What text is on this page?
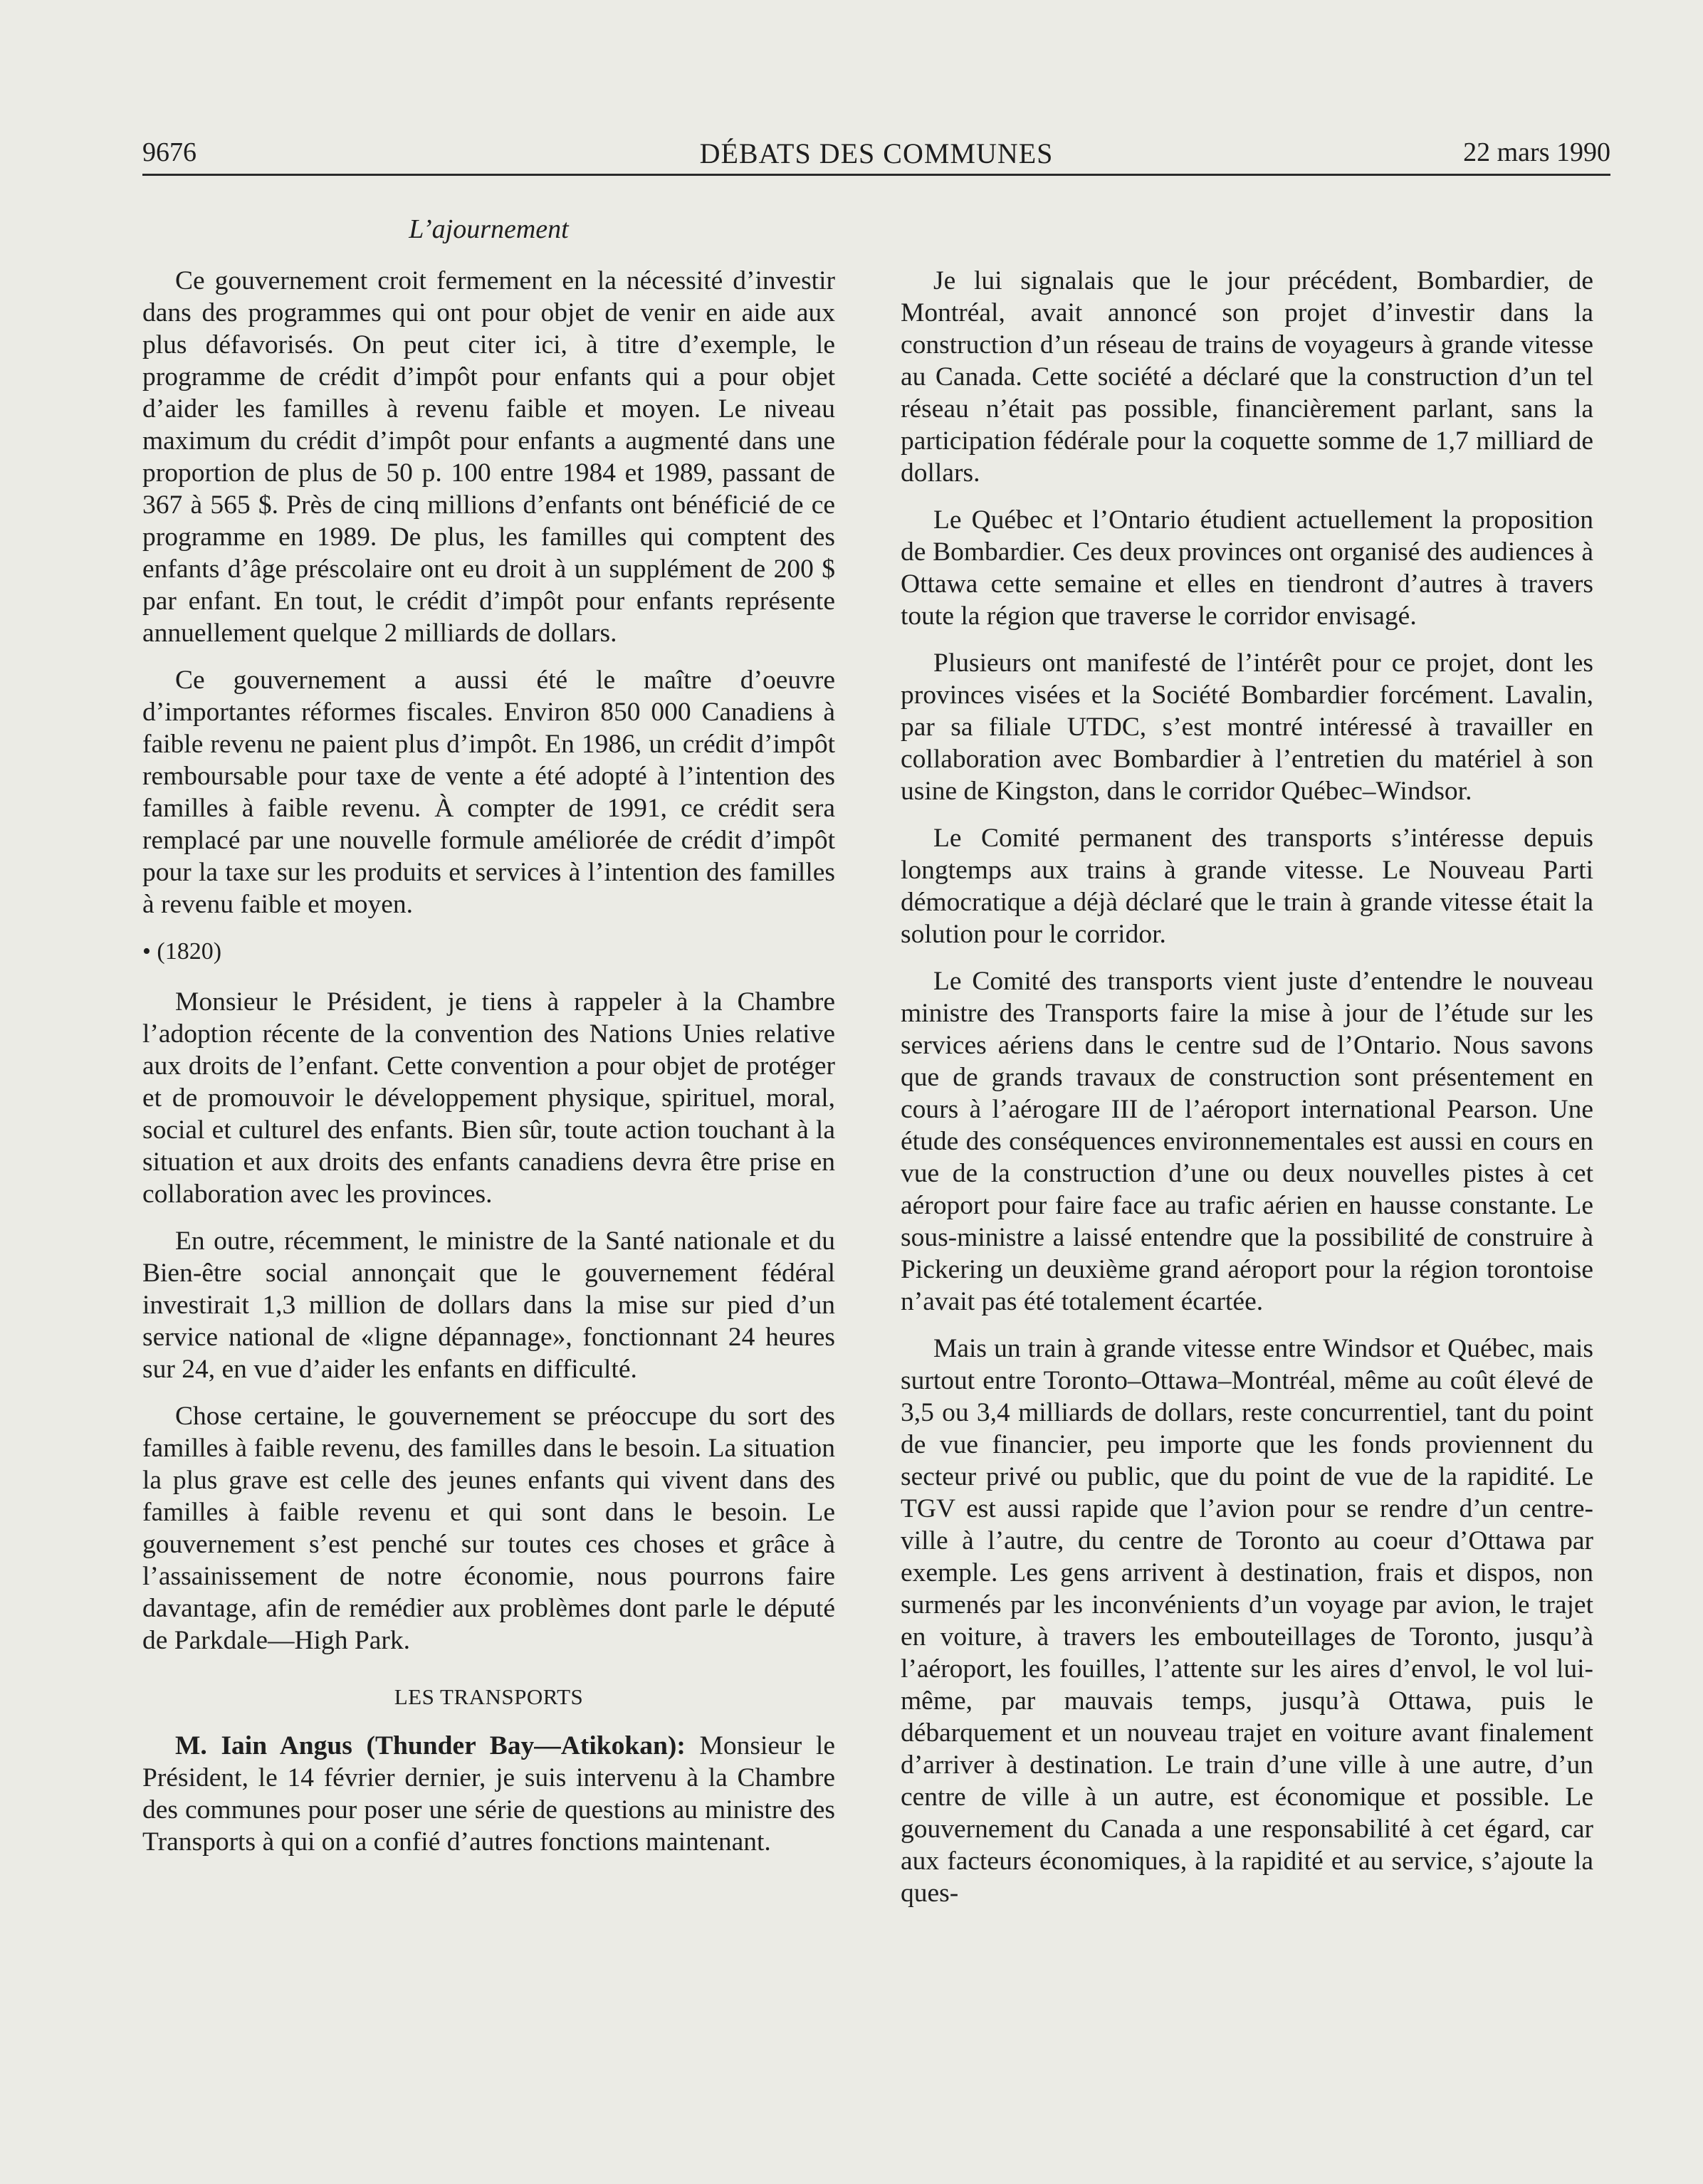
9676	DÉBATS DES COMMUNES	22 mars 1990
L’ajournement

Ce gouvernement croit fermement en la nécessité d’investir dans des programmes qui ont pour objet de venir en aide aux plus défavorisés. On peut citer ici, à titre d’exemple, le programme de crédit d’impôt pour enfants qui a pour objet d’aider les familles à revenu faible et moyen. Le niveau maximum du crédit d’impôt pour enfants a augmenté dans une proportion de plus de 50 p. 100 entre 1984 et 1989, passant de 367 à 565 $. Près de cinq millions d’enfants ont bénéficié de ce programme en 1989. De plus, les familles qui comptent des enfants d’âge préscolaire ont eu droit à un supplément de 200 $ par enfant. En tout, le crédit d’impôt pour enfants représente annuellement quelque 2 milliards de dollars.

Ce gouvernement a aussi été le maître d’oeuvre d’importantes réformes fiscales. Environ 850 000 Canadiens à faible revenu ne paient plus d’impôt. En 1986, un crédit d’impôt remboursable pour taxe de vente a été adopté à l’intention des familles à faible revenu. À compter de 1991, ce crédit sera remplacé par une nouvelle formule améliorée de crédit d’impôt pour la taxe sur les produits et services à l’intention des familles à revenu faible et moyen.

• (1820)

Monsieur le Président, je tiens à rappeler à la Chambre l’adoption récente de la convention des Nations Unies relative aux droits de l’enfant. Cette convention a pour objet de protéger et de promouvoir le développement physique, spirituel, moral, social et culturel des enfants. Bien sûr, toute action touchant à la situation et aux droits des enfants canadiens devra être prise en collaboration avec les provinces.

En outre, récemment, le ministre de la Santé nationale et du Bien-être social annonçait que le gouvernement fédéral investirait 1,3 million de dollars dans la mise sur pied d’un service national de «ligne dépannage», fonctionnant 24 heures sur 24, en vue d’aider les enfants en difficulté.

Chose certaine, le gouvernement se préoccupe du sort des familles à faible revenu, des familles dans le besoin. La situation la plus grave est celle des jeunes enfants qui vivent dans des familles à faible revenu et qui sont dans le besoin. Le gouvernement s’est penché sur toutes ces choses et grâce à l’assainissement de notre économie, nous pourrons faire davantage, afin de remédier aux problèmes dont parle le député de Parkdale—High Park.

LES TRANSPORTS

M. Iain Angus (Thunder Bay—Atikokan): Monsieur le Président, le 14 février dernier, je suis intervenu à la Chambre des communes pour poser une série de questions au ministre des Transports à qui on a confié d’autres fonctions maintenant.

Je lui signalais que le jour précédent, Bombardier, de Montréal, avait annoncé son projet d’investir dans la construction d’un réseau de trains de voyageurs à grande vitesse au Canada. Cette société a déclaré que la construction d’un tel réseau n’était pas possible, financièrement parlant, sans la participation fédérale pour la coquette somme de 1,7 milliard de dollars.

Le Québec et l’Ontario étudient actuellement la proposition de Bombardier. Ces deux provinces ont organisé des audiences à Ottawa cette semaine et elles en tiendront d’autres à travers toute la région que traverse le corridor envisagé.

Plusieurs ont manifesté de l’intérêt pour ce projet, dont les provinces visées et la Société Bombardier forcément. Lavalin, par sa filiale UTDC, s’est montré intéressé à travailler en collaboration avec Bombardier à l’entretien du matériel à son usine de Kingston, dans le corridor Québec–Windsor.

Le Comité permanent des transports s’intéresse depuis longtemps aux trains à grande vitesse. Le Nouveau Parti démocratique a déjà déclaré que le train à grande vitesse était la solution pour le corridor.

Le Comité des transports vient juste d’entendre le nouveau ministre des Transports faire la mise à jour de l’étude sur les services aériens dans le centre sud de l’Ontario. Nous savons que de grands travaux de construction sont présentement en cours à l’aérogare III de l’aéroport international Pearson. Une étude des conséquences environnementales est aussi en cours en vue de la construction d’une ou deux nouvelles pistes à cet aéroport pour faire face au trafic aérien en hausse constante. Le sous-ministre a laissé entendre que la possibilité de construire à Pickering un deuxième grand aéroport pour la région torontoise n’avait pas été totalement écartée.

Mais un train à grande vitesse entre Windsor et Québec, mais surtout entre Toronto–Ottawa–Montréal, même au coût élevé de 3,5 ou 3,4 milliards de dollars, reste concurrentiel, tant du point de vue financier, peu importe que les fonds proviennent du secteur privé ou public, que du point de vue de la rapidité. Le TGV est aussi rapide que l’avion pour se rendre d’un centre-ville à l’autre, du centre de Toronto au coeur d’Ottawa par exemple. Les gens arrivent à destination, frais et dispos, non surmenés par les inconvénients d’un voyage par avion, le trajet en voiture, à travers les embouteillages de Toronto, jusqu’à l’aéroport, les fouilles, l’attente sur les aires d’envol, le vol lui-même, par mauvais temps, jusqu’à Ottawa, puis le débarquement et un nouveau trajet en voiture avant finalement d’arriver à destination. Le train d’une ville à une autre, d’un centre de ville à un autre, est économique et possible. Le gouvernement du Canada a une responsabilité à cet égard, car aux facteurs économiques, à la rapidité et au service, s’ajoute la ques-
